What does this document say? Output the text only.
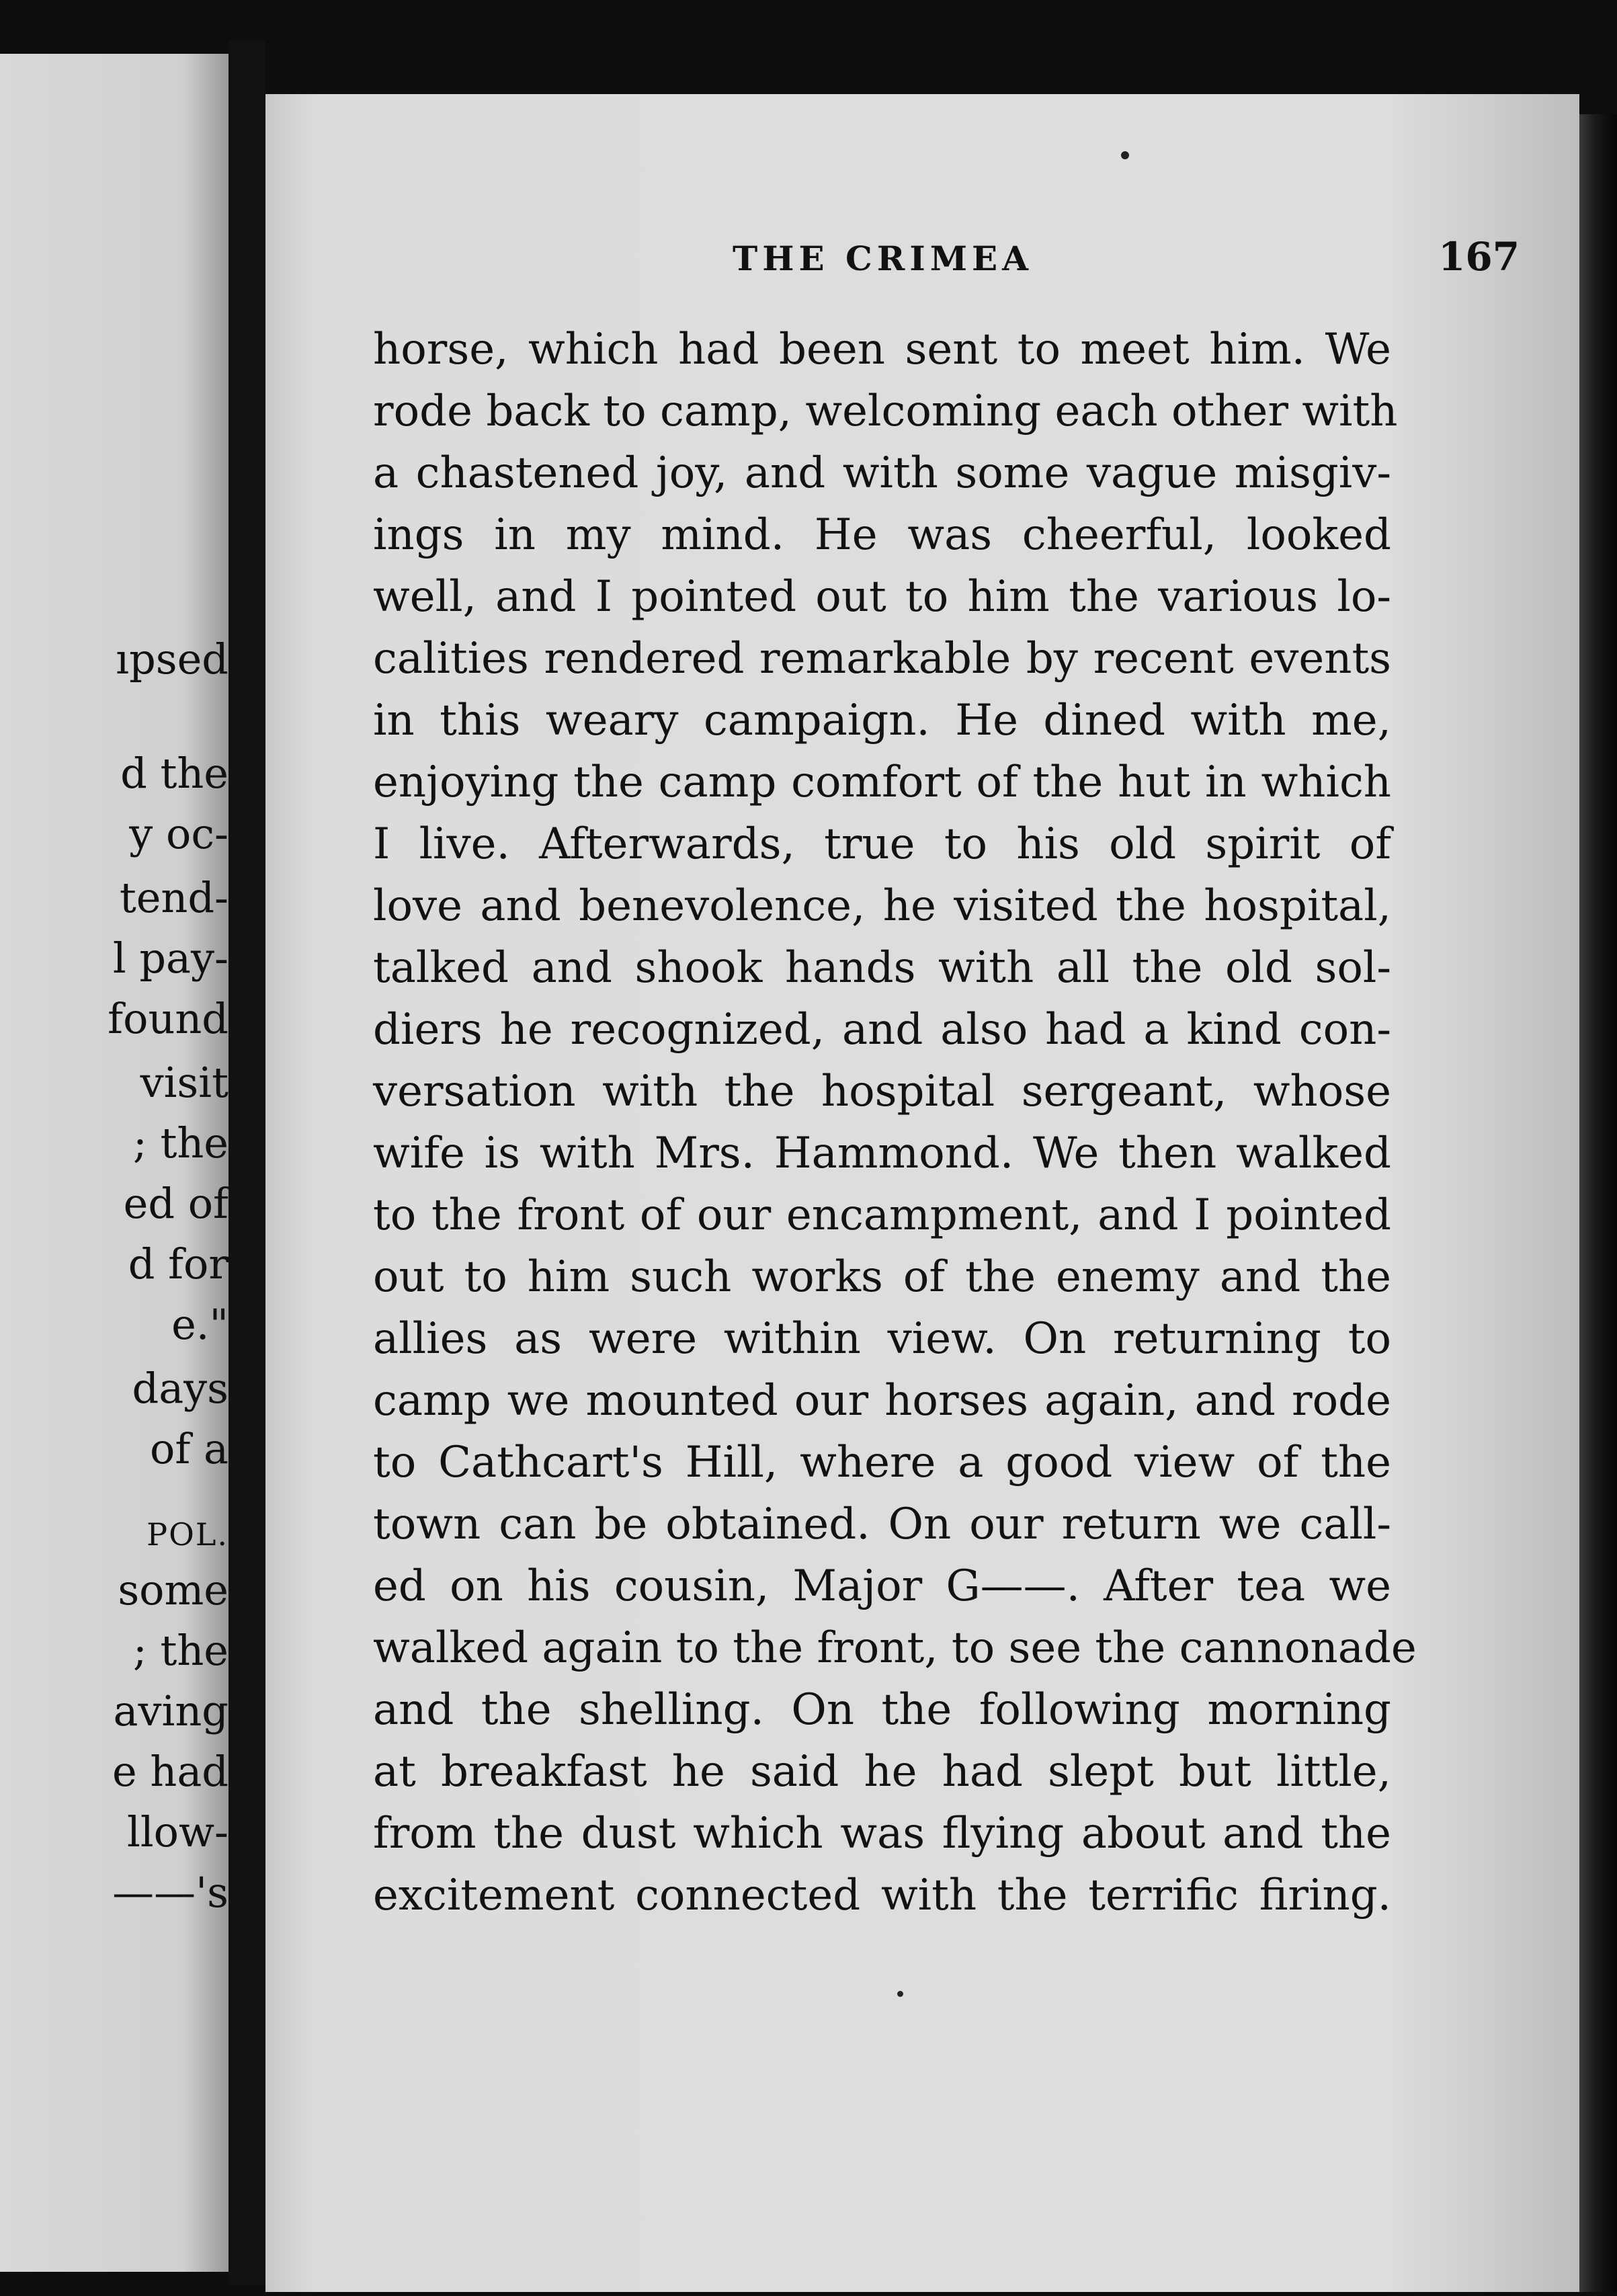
ıpsed
d the
y oc-
tend-
l pay-
found
visit
; the
ed of
d for
e."
days
of a
POL.
some
; the
aving
e had
llow-
——'s
THE CRIMEA	167
horse, which had been sent to meet him. We
rode back to camp, welcoming each other with
a chastened joy, and with some vague misgiv-
ings in my mind. He was cheerful, looked
well, and I pointed out to him the various lo-
calities rendered remarkable by recent events
in this weary campaign. He dined with me,
enjoying the camp comfort of the hut in which
I live. Afterwards, true to his old spirit of
love and benevolence, he visited the hospital,
talked and shook hands with all the old sol-
diers he recognized, and also had a kind con-
versation with the hospital sergeant, whose
wife is with Mrs. Hammond. We then walked
to the front of our encampment, and I pointed
out to him such works of the enemy and the
allies as were within view. On returning to
camp we mounted our horses again, and rode
to Cathcart's Hill, where a good view of the
town can be obtained. On our return we call-
ed on his cousin, Major G——. After tea we
walked again to the front, to see the cannonade
and the shelling. On the following morning
at breakfast he said he had slept but little,
from the dust which was flying about and the
excitement connected with the terrific firing.
